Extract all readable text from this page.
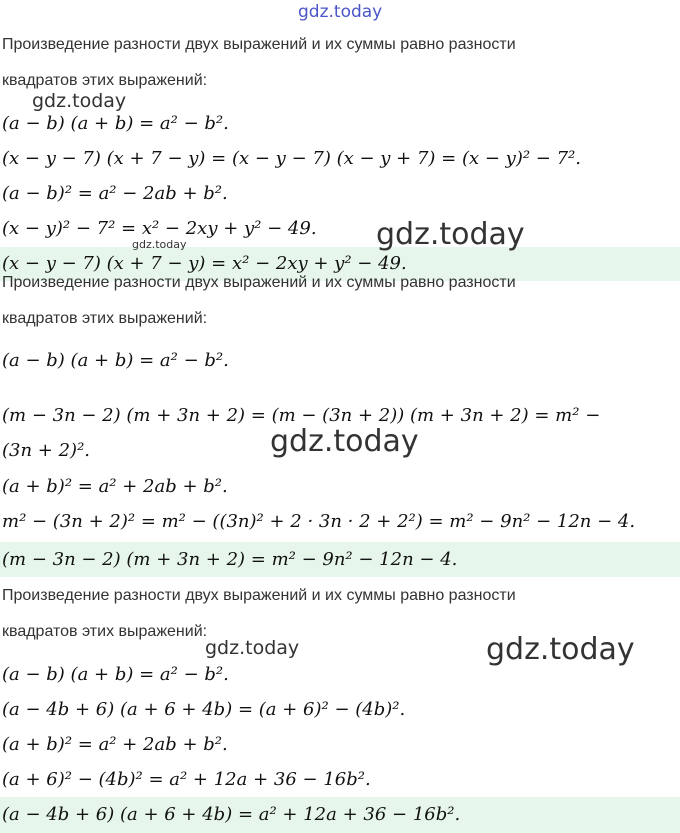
gdz.today
gdz.today
gdz.today
gdz.today
gdz.today
gdz.today	gdz.today
Произведение разности двух выражений и их суммы равно разности
квадратов этих выражений:
(a − b) (a + b) = a² − b².
(x − y − 7) (x + 7 − y) = (x − y − 7) (x − y + 7) = (x − y)² − 7².
(a − b)² = a² − 2ab + b².
(x − y)² − 7² = x² − 2xy + y² − 49.
(x − y − 7) (x + 7 − y) = x² − 2xy + y² − 49.
Произведение разности двух выражений и их суммы равно разности
квадратов этих выражений:
(a − b) (a + b) = a² − b².
(m − 3n − 2) (m + 3n + 2) = (m − (3n + 2)) (m + 3n + 2) = m² −
(3n + 2)².
(a + b)² = a² + 2ab + b².
m² − (3n + 2)² = m² − ((3n)² + 2 · 3n · 2 + 2²) = m² − 9n² − 12n − 4.
(m − 3n − 2) (m + 3n + 2) = m² − 9n² − 12n − 4.
Произведение разности двух выражений и их суммы равно разности
квадратов этих выражений:
(a − b) (a + b) = a² − b².
(a − 4b + 6) (a + 6 + 4b) = (a + 6)² − (4b)².
(a + b)² = a² + 2ab + b².
(a + 6)² − (4b)² = a² + 12a + 36 − 16b².
(a − 4b + 6) (a + 6 + 4b) = a² + 12a + 36 − 16b².
